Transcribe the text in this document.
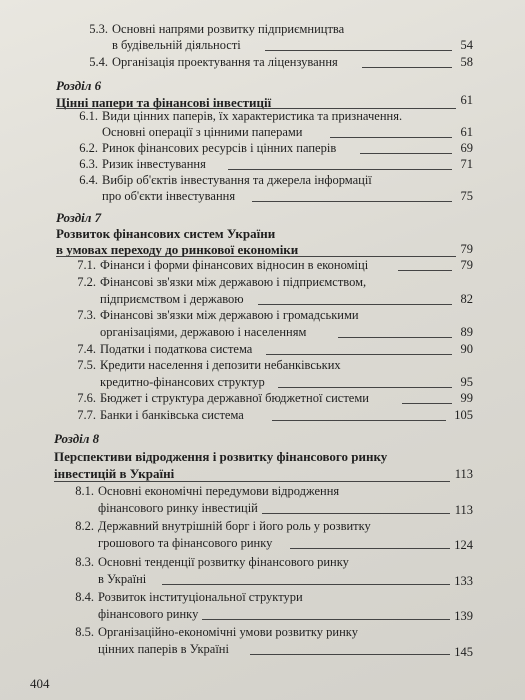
5.3. Основні напрями розвитку підприємництва
в будівельній діяльності	54
5.4. Організація проектування та ліцензування	58
Розділ 6
Цінні папери та фінансові інвестиції	61
6.1. Види цінних паперів, їх характеристика та призначення.
Основні операції з цінними паперами	61
6.2. Ринок фінансових ресурсів і цінних паперів	69
6.3. Ризик інвестування	71
6.4. Вибір об'єктів інвестування та джерела інформації
про об'єкти інвестування	75
Розділ 7
Розвиток фінансових систем України
в умовах переходу до ринкової економіки	79
7.1. Фінанси і форми фінансових відносин в економіці	79
7.2. Фінансові зв'язки між державою і підприємством,
підприємством і державою	82
7.3. Фінансові зв'язки між державою і громадськими
організаціями, державою і населенням	89
7.4. Податки і податкова система	90
7.5. Кредити населення і депозити небанківських
кредитно-фінансових структур	95
7.6. Бюджет і структура державної бюджетної системи	99
7.7. Банки і банківська система	105
Розділ 8
Перспективи відродження і розвитку фінансового ринку
інвестицій в Україні	113
8.1. Основні економічні передумови відродження
фінансового ринку інвестицій	113
8.2. Державний внутрішній борг і його роль у розвитку
грошового та фінансового ринку	124
8.3. Основні тенденції розвитку фінансового ринку
в Україні	133
8.4. Розвиток інституціональної структури
фінансового ринку	139
8.5. Організаційно-економічні умови розвитку ринку
цінних паперів в Україні	145
404
